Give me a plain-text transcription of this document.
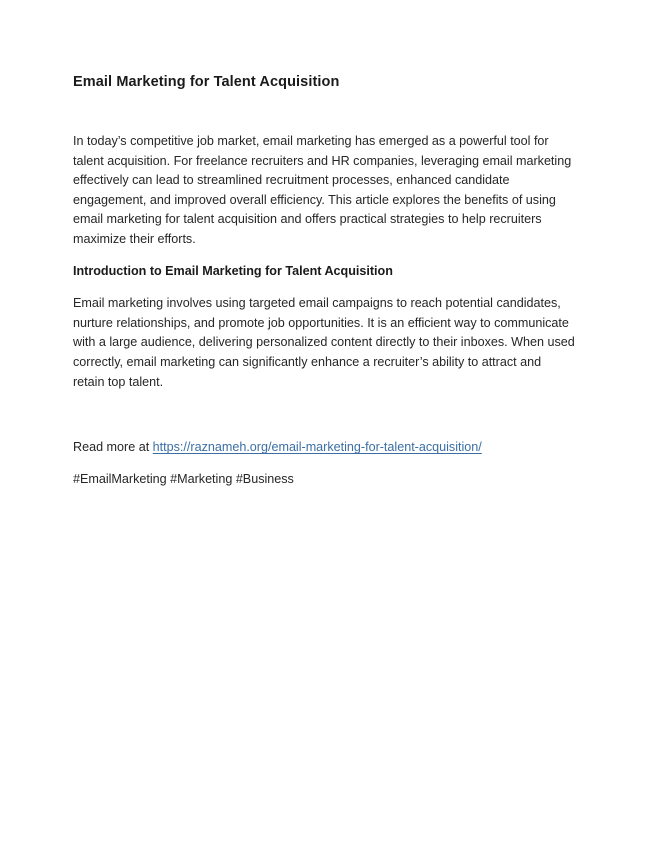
Email Marketing for Talent Acquisition

In today’s competitive job market, email marketing has emerged as a powerful tool for talent acquisition. For freelance recruiters and HR companies, leveraging email marketing effectively can lead to streamlined recruitment processes, enhanced candidate engagement, and improved overall efficiency. This article explores the benefits of using email marketing for talent acquisition and offers practical strategies to help recruiters maximize their efforts.

Introduction to Email Marketing for Talent Acquisition

Email marketing involves using targeted email campaigns to reach potential candidates, nurture relationships, and promote job opportunities. It is an efficient way to communicate with a large audience, delivering personalized content directly to their inboxes. When used correctly, email marketing can significantly enhance a recruiter’s ability to attract and retain top talent.

Read more at https://raznameh.org/email-marketing-for-talent-acquisition/

#EmailMarketing #Marketing #Business
